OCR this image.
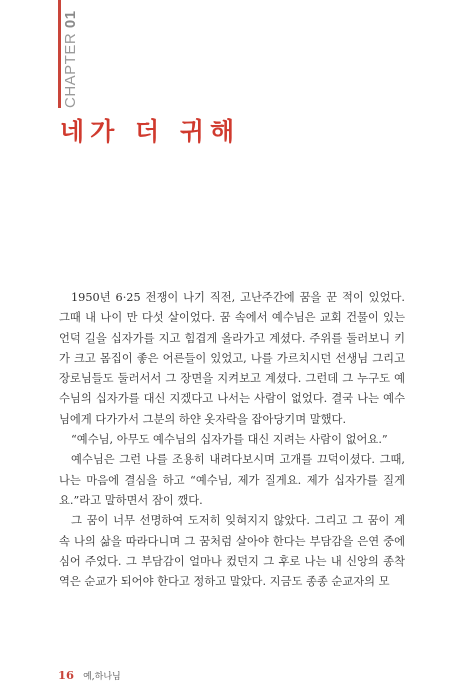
CHAPTER 01
네가 더 귀해

1950년 6·25 전쟁이 나기 직전, 고난주간에 꿈을 꾼 적이 있었다. 그때 내 나이 만 다섯 살이었다. 꿈 속에서 예수님은 교회 건물이 있는 언덕 길을 십자가를 지고 힘겹게 올라가고 계셨다. 주위를 둘러보니 키가 크고 몸집이 좋은 어른들이 있었고, 나를 가르치시던 선생님 그리고 장로님들도 둘러서서 그 장면을 지켜보고 계셨다. 그런데 그 누구도 예수님의 십자가를 대신 지겠다고 나서는 사람이 없었다. 결국 나는 예수님에게 다가가서 그분의 하얀 옷자락을 잡아당기며 말했다.

“예수님, 아무도 예수님의 십자가를 대신 지려는 사람이 없어요.”

예수님은 그런 나를 조용히 내려다보시며 고개를 끄덕이셨다. 그때, 나는 마음에 결심을 하고 “예수님, 제가 질게요. 제가 십자가를 질게요.”라고 말하면서 잠이 깼다.

그 꿈이 너무 선명하여 도저히 잊혀지지 않았다. 그리고 그 꿈이 계속 나의 삶을 따라다니며 그 꿈처럼 살아야 한다는 부담감을 은연 중에 심어 주었다. 그 부담감이 얼마나 컸던지 그 후로 나는 내 신앙의 종착역은 순교가 되어야 한다고 정하고 말았다. 지금도 종종 순교자의 모

16 예,하나님
